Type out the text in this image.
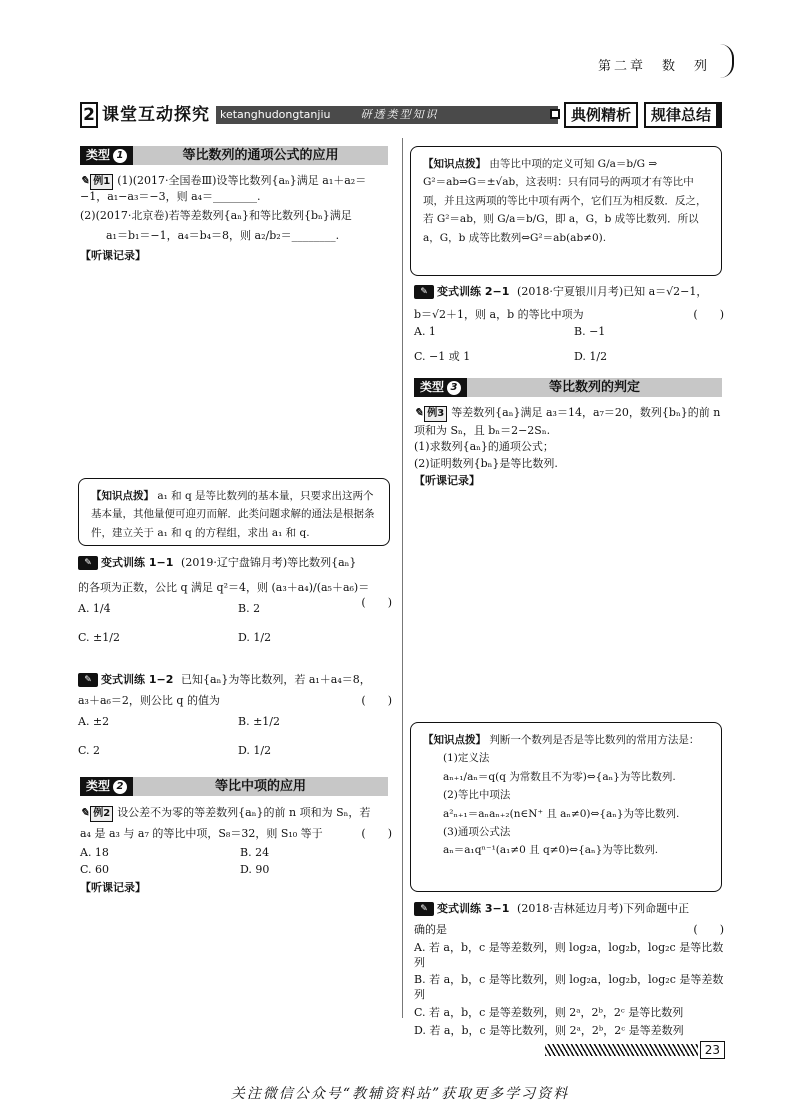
第二章　数　列
2 课堂互动探究 ketanghudongtanjiu	研透类型知识	典例精析	规律总结
类型 1	等比数列的通项公式的应用

✎ 例1 (1)(2017·全国卷Ⅲ)设等比数列{aₙ}满足 a₁＋a₂＝−1，a₁−a₃＝−3，则 a₄＝________.

(2)(2017·北京卷)若等差数列{aₙ}和等比数列{bₙ}满足

a₁＝b₁＝−1，a₄＝b₄＝8，则 a₂/b₂＝________.

【听课记录】

【知识点拨】 a₁ 和 q 是等比数列的基本量，只要求出这两个基本量，其他量便可迎刃而解．此类问题求解的通法是根据条件，建立关于 a₁ 和 q 的方程组，求出 a₁ 和 q.

✎ 变式训练 1−1
(2019·辽宁盘锦月考)等比数列{aₙ}

的各项为正数，公比 q 满足 q²＝4，则 (a₃＋a₄)/(a₅＋a₆)＝
(　　)

A. 1/4	B. 2
C. ±1/2	D. 1/2
✎ 变式训练 1−2
已知{aₙ}为等比数列，若 a₁＋a₄＝8，

a₃＋a₆＝2，则公比 q 的值为	(　　)

A. ±2	B. ±1/2
C. 2	D. 1/2
类型 2	等比中项的应用

✎ 例2 设公差不为零的等差数列{aₙ}的前 n 项和为 Sₙ，若

a₄ 是 a₃ 与 a₇ 的等比中项，S₈＝32，则 S₁₀ 等于	(　　)

A. 18	B. 24
C. 60	D. 90

【听课记录】

【知识点拨】 由等比中项的定义可知 G/a＝b/G ⇒

G²＝ab⇒G＝±√ab，这表明：只有同号的两项才有等比中项，并且这两项的等比中项有两个，它们互为相反数．反之，若 G²＝ab，则 G/a＝b/G，即 a，G，b 成等比数列．所以 a，G，b 成等比数列⇔G²＝ab(ab≠0).

✎ 变式训练 2−1
(2018·宁夏银川月考)已知 a＝√2−1，

b＝√2＋1，则 a，b 的等比中项为	(　　)

A. 1	B. −1
C. −1 或 1	D. 1/2
类型 3	等比数列的判定

✎ 例3 等差数列{aₙ}满足 a₃＝14，a₇＝20，数列{bₙ}的前 n

项和为 Sₙ，且 bₙ＝2−2Sₙ.

(1)求数列{aₙ}的通项公式；

(2)证明数列{bₙ}是等比数列.

【听课记录】

【知识点拨】 判断一个数列是否是等比数列的常用方法是：

(1)定义法

aₙ₊₁/aₙ＝q(q 为常数且不为零)⇔{aₙ}为等比数列.

(2)等比中项法

a²ₙ₊₁＝aₙaₙ₊₂(n∈N⁺ 且 aₙ≠0)⇔{aₙ}为等比数列.

(3)通项公式法

aₙ＝a₁qⁿ⁻¹(a₁≠0 且 q≠0)⇔{aₙ}为等比数列.

✎ 变式训练 3−1
(2018·吉林延边月考)下列命题中正

确的是	(　　)

A. 若 a，b，c 是等差数列，则 log₂a，log₂b，log₂c 是等比数列

B. 若 a，b，c 是等比数列，则 log₂a，log₂b，log₂c 是等差数列

C. 若 a，b，c 是等差数列，则 2ᵃ，2ᵇ，2ᶜ 是等比数列

D. 若 a，b，c 是等比数列，则 2ᵃ，2ᵇ，2ᶜ 是等差数列

23
关注微信公众号“教辅资料站”获取更多学习资料
